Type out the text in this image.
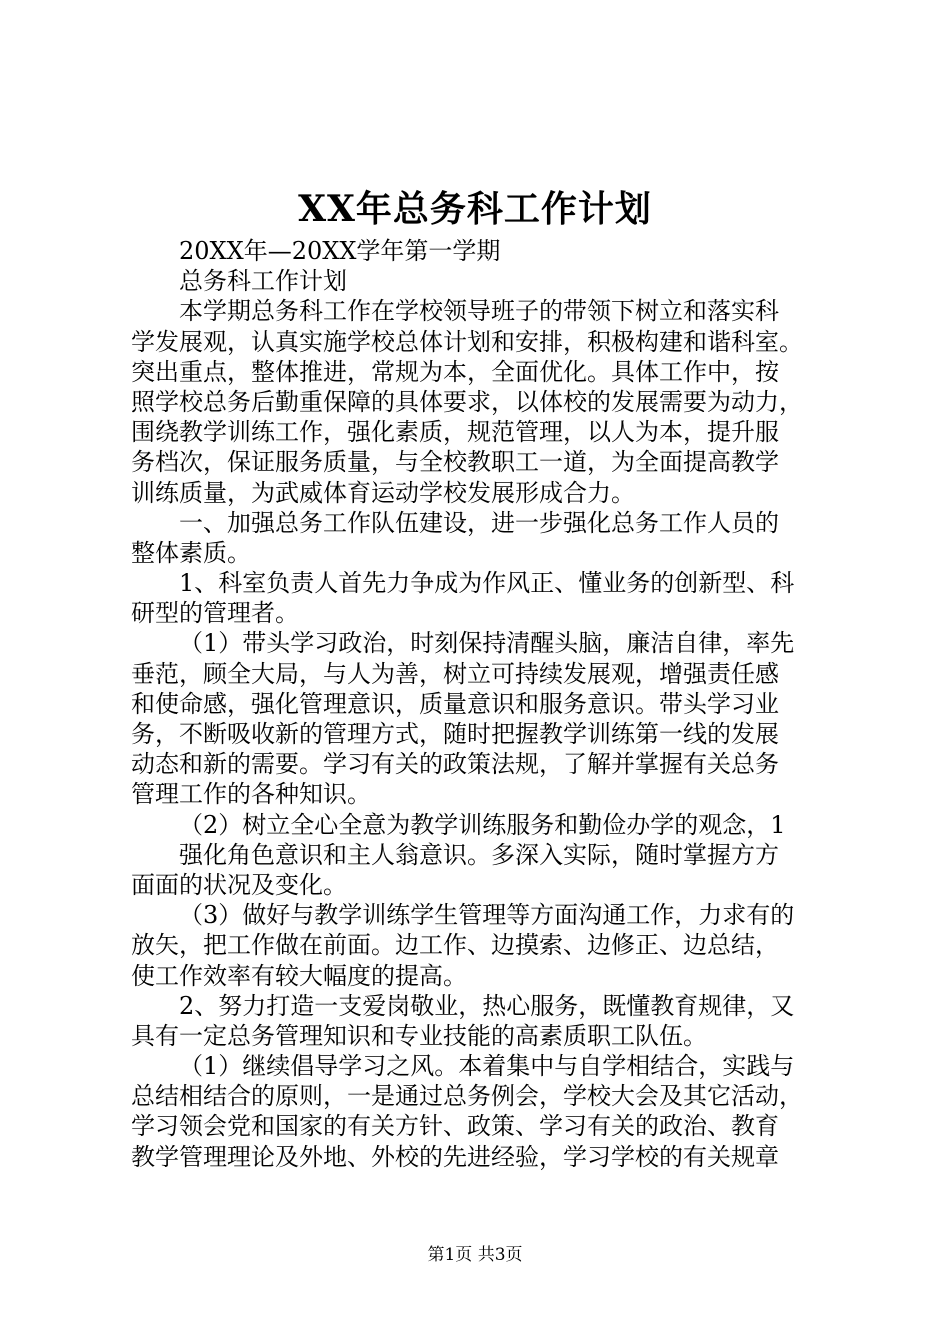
XX年总务科工作计划
20XX年—20XX学年第一学期
总务科工作计划
本学期总务科工作在学校领导班子的带领下树立和落实科
学发展观，认真实施学校总体计划和安排，积极构建和谐科室。
突出重点，整体推进，常规为本，全面优化。具体工作中，按
照学校总务后勤重保障的具体要求，以体校的发展需要为动力，
围绕教学训练工作，强化素质，规范管理，以人为本，提升服
务档次，保证服务质量，与全校教职工一道，为全面提高教学
训练质量，为武威体育运动学校发展形成合力。
一、加强总务工作队伍建设，进一步强化总务工作人员的
整体素质。
1、科室负责人首先力争成为作风正、懂业务的创新型、科
研型的管理者。
（1）带头学习政治，时刻保持清醒头脑，廉洁自律，率先
垂范，顾全大局，与人为善，树立可持续发展观，增强责任感
和使命感，强化管理意识，质量意识和服务意识。带头学习业
务，不断吸收新的管理方式，随时把握教学训练第一线的发展
动态和新的需要。学习有关的政策法规，了解并掌握有关总务
管理工作的各种知识。
（2）树立全心全意为教学训练服务和勤俭办学的观念，1
强化角色意识和主人翁意识。多深入实际，随时掌握方方
面面的状况及变化。
（3）做好与教学训练学生管理等方面沟通工作，力求有的
放矢，把工作做在前面。边工作、边摸索、边修正、边总结，
使工作效率有较大幅度的提高。
2、努力打造一支爱岗敬业，热心服务，既懂教育规律，又
具有一定总务管理知识和专业技能的高素质职工队伍。
（1）继续倡导学习之风。本着集中与自学相结合，实践与
总结相结合的原则，一是通过总务例会，学校大会及其它活动，
学习领会党和国家的有关方针、政策、学习有关的政治、教育
教学管理理论及外地、外校的先进经验，学习学校的有关规章
第1页 共3页
